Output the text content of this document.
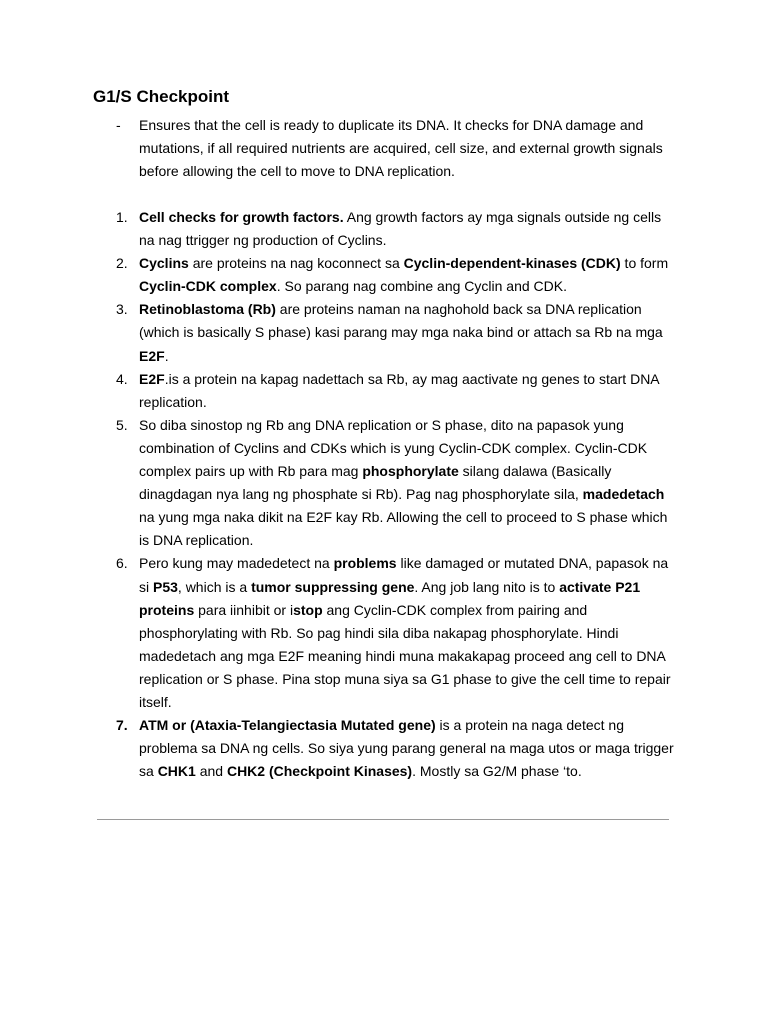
G1/S Checkpoint
- Ensures that the cell is ready to duplicate its DNA. It checks for DNA damage and mutations, if all required nutrients are acquired, cell size, and external growth signals before allowing the cell to move to DNA replication.
1. Cell checks for growth factors. Ang growth factors ay mga signals outside ng cells na nag ttrigger ng production of Cyclins.
2. Cyclins are proteins na nag koconnect sa Cyclin-dependent-kinases (CDK) to form Cyclin-CDK complex. So parang nag combine ang Cyclin and CDK.
3. Retinoblastoma (Rb) are proteins naman na naghohold back sa DNA replication (which is basically S phase) kasi parang may mga naka bind or attach sa Rb na mga E2F.
4. E2F.is a protein na kapag nadettach sa Rb, ay mag aactivate ng genes to start DNA replication.
5. So diba sinostop ng Rb ang DNA replication or S phase, dito na papasok yung combination of Cyclins and CDKs which is yung Cyclin-CDK complex. Cyclin-CDK complex pairs up with Rb para mag phosphorylate silang dalawa (Basically dinagdagan nya lang ng phosphate si Rb). Pag nag phosphorylate sila, madedetach na yung mga naka dikit na E2F kay Rb. Allowing the cell to proceed to S phase which is DNA replication.
6. Pero kung may madedetect na problems like damaged or mutated DNA, papasok na si P53, which is a tumor suppressing gene. Ang job lang nito is to activate P21 proteins para iinhibit or istop ang Cyclin-CDK complex from pairing and phosphorylating with Rb. So pag hindi sila diba nakapag phosphorylate. Hindi madedetach ang mga E2F meaning hindi muna makakapag proceed ang cell to DNA replication or S phase. Pina stop muna siya sa G1 phase to give the cell time to repair itself.
7. ATM or (Ataxia-Telangiectasia Mutated gene) is a protein na naga detect ng problema sa DNA ng cells. So siya yung parang general na maga utos or maga trigger sa CHK1 and CHK2 (Checkpoint Kinases). Mostly sa G2/M phase ‘to.
